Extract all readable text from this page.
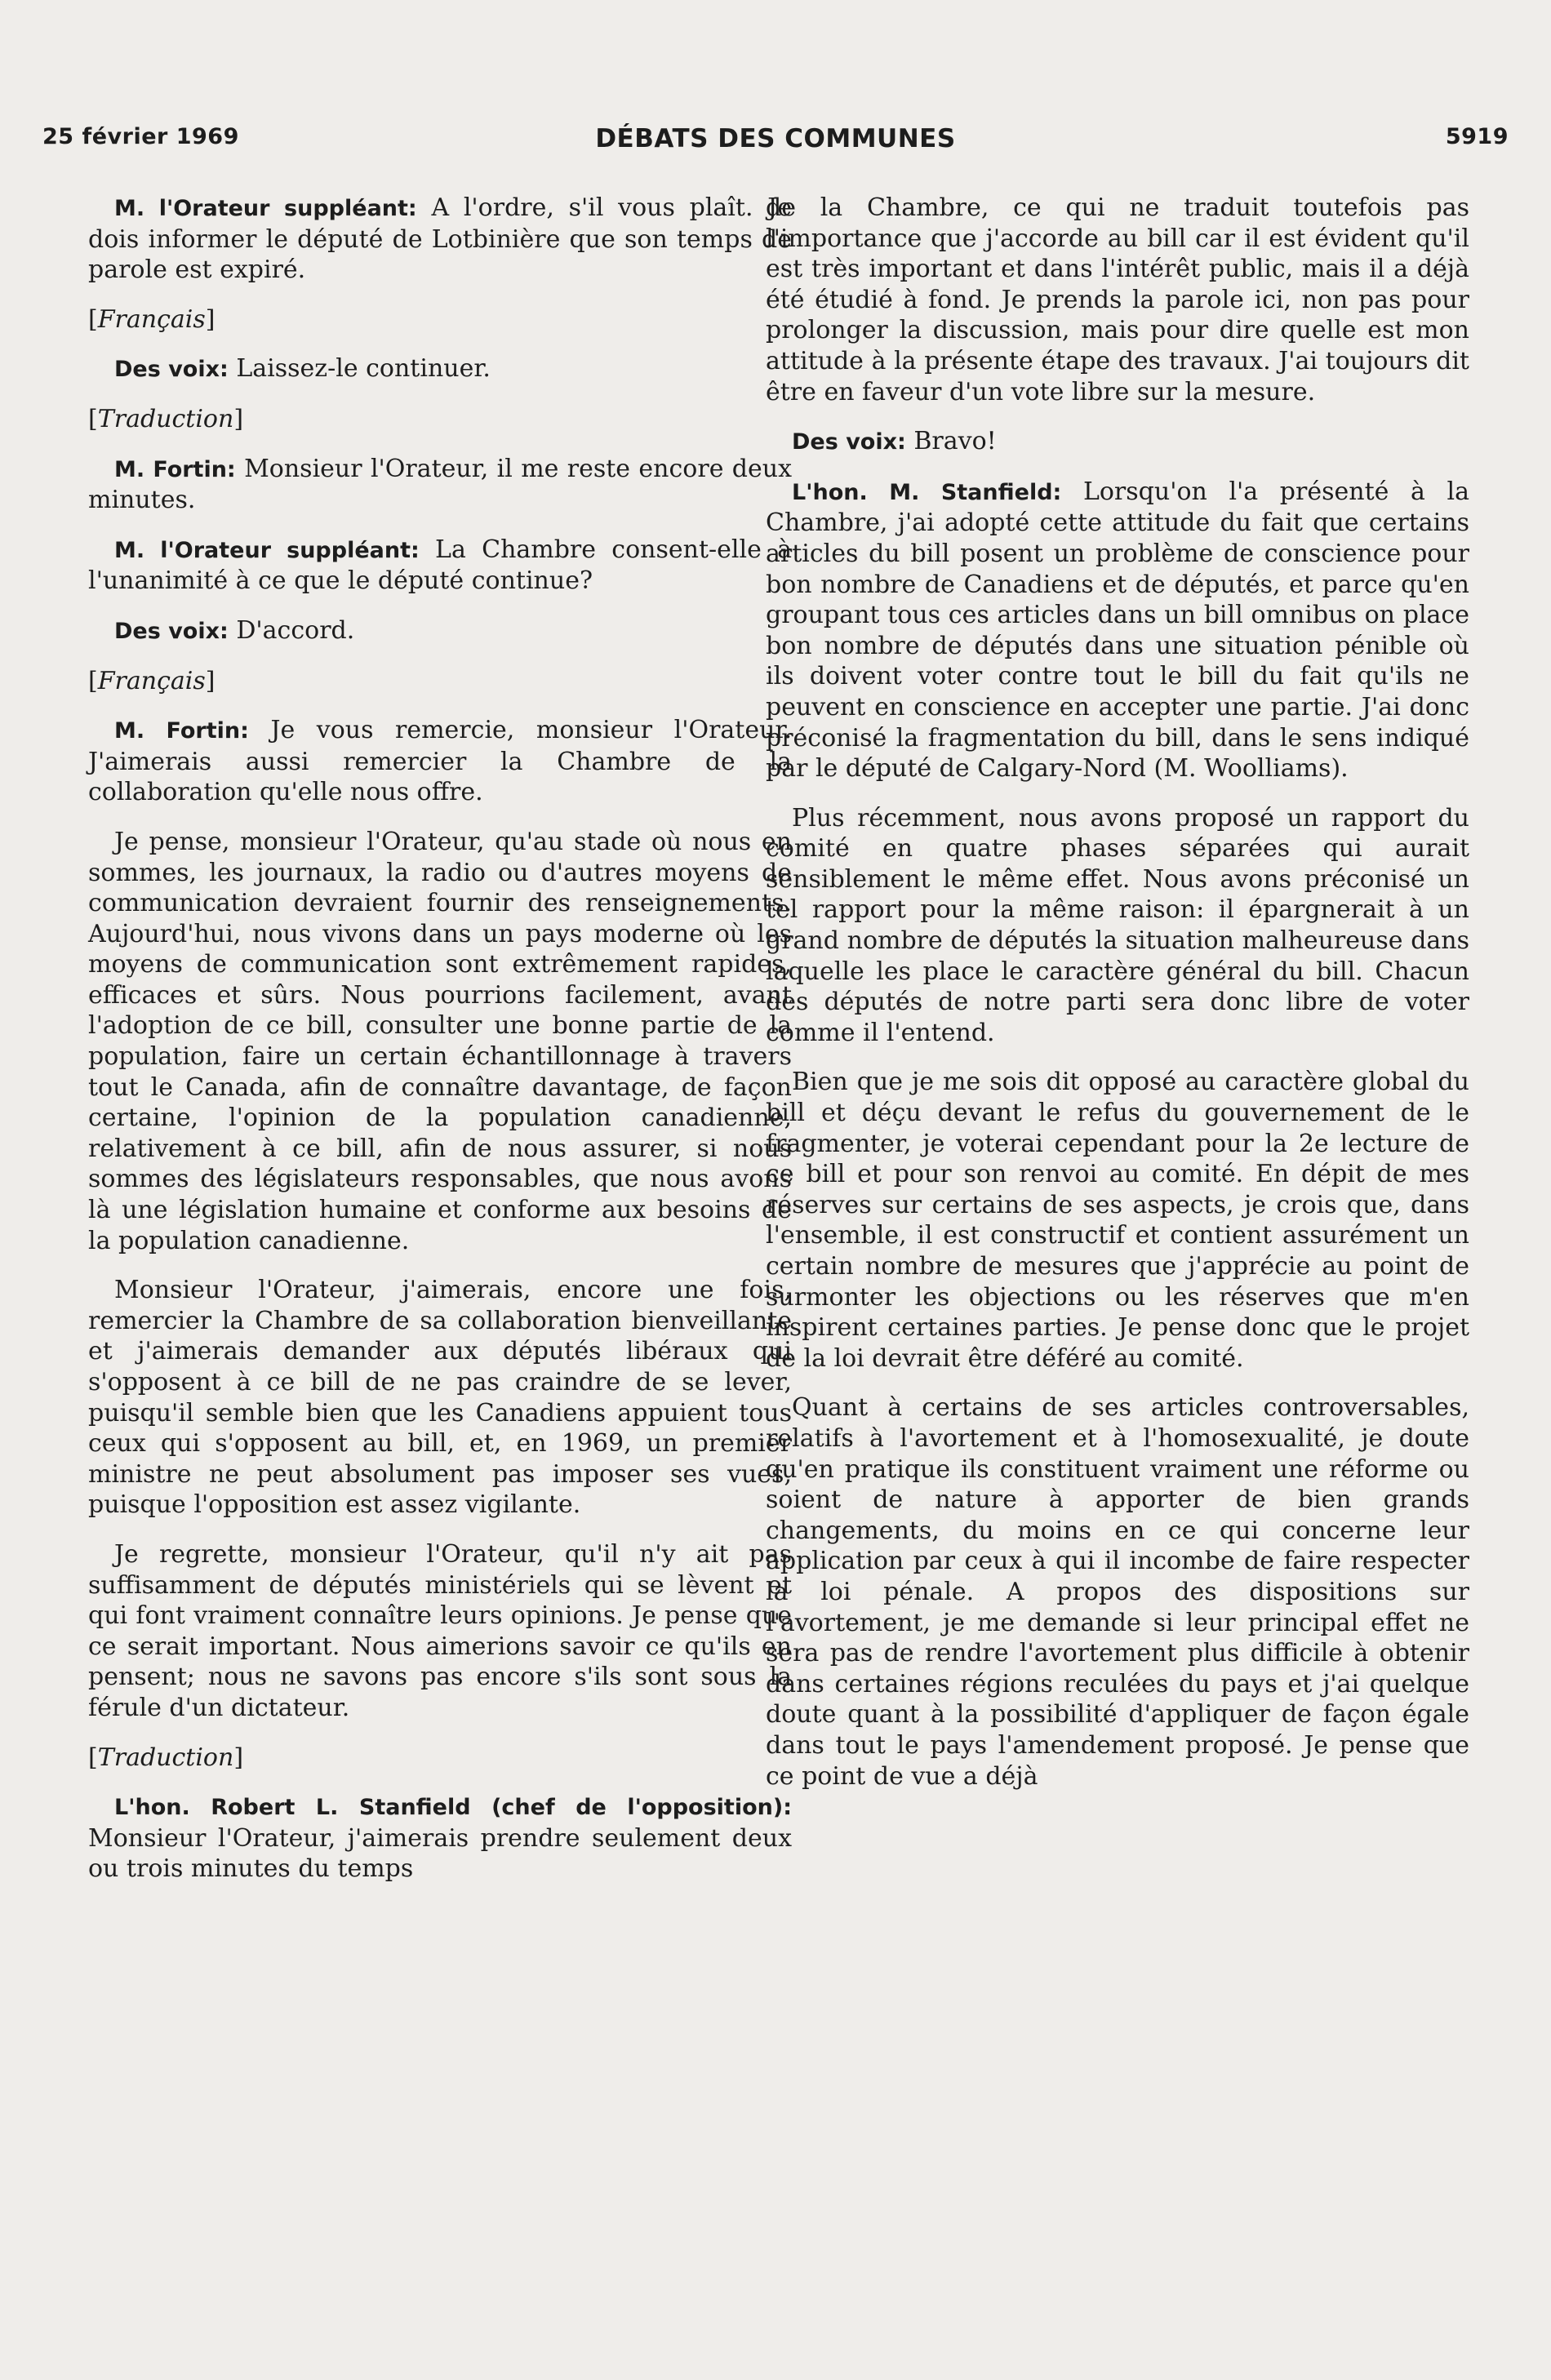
25 février 1969	DÉBATS DES COMMUNES	5919

M. l'Orateur suppléant: A l'ordre, s'il vous plaît. Je dois informer le député de Lotbinière que son temps de parole est expiré.

[Français]

Des voix: Laissez-le continuer.

[Traduction]

M. Fortin: Monsieur l'Orateur, il me reste encore deux minutes.

M. l'Orateur suppléant: La Chambre consent-elle à l'unanimité à ce que le député continue?

Des voix: D'accord.

[Français]

M. Fortin: Je vous remercie, monsieur l'Orateur. J'aimerais aussi remercier la Chambre de la collaboration qu'elle nous offre.

Je pense, monsieur l'Orateur, qu'au stade où nous en sommes, les journaux, la radio ou d'autres moyens de communication devraient fournir des renseignements. Aujourd'hui, nous vivons dans un pays moderne où les moyens de communication sont extrêmement rapides, efficaces et sûrs. Nous pourrions facilement, avant l'adoption de ce bill, consulter une bonne partie de la population, faire un certain échantillonnage à travers tout le Canada, afin de connaître davantage, de façon certaine, l'opinion de la population canadienne, relativement à ce bill, afin de nous assurer, si nous sommes des législateurs responsables, que nous avons là une législation humaine et conforme aux besoins de la population canadienne.

Monsieur l'Orateur, j'aimerais, encore une fois, remercier la Chambre de sa collaboration bienveillante et j'aimerais demander aux députés libéraux qui s'opposent à ce bill de ne pas craindre de se lever, puisqu'il semble bien que les Canadiens appuient tous ceux qui s'opposent au bill, et, en 1969, un premier ministre ne peut absolument pas imposer ses vues, puisque l'opposition est assez vigilante.

Je regrette, monsieur l'Orateur, qu'il n'y ait pas suffisamment de députés ministériels qui se lèvent et qui font vraiment connaître leurs opinions. Je pense que ce serait important. Nous aimerions savoir ce qu'ils en pensent; nous ne savons pas encore s'ils sont sous la férule d'un dictateur.

[Traduction]

L'hon. Robert L. Stanfield (chef de l'opposition): Monsieur l'Orateur, j'aimerais prendre seulement deux ou trois minutes du temps

de la Chambre, ce qui ne traduit toutefois pas l'importance que j'accorde au bill car il est évident qu'il est très important et dans l'intérêt public, mais il a déjà été étudié à fond. Je prends la parole ici, non pas pour prolonger la discussion, mais pour dire quelle est mon attitude à la présente étape des travaux. J'ai toujours dit être en faveur d'un vote libre sur la mesure.

Des voix: Bravo!

L'hon. M. Stanfield: Lorsqu'on l'a présenté à la Chambre, j'ai adopté cette attitude du fait que certains articles du bill posent un problème de conscience pour bon nombre de Canadiens et de députés, et parce qu'en groupant tous ces articles dans un bill omnibus on place bon nombre de députés dans une situation pénible où ils doivent voter contre tout le bill du fait qu'ils ne peuvent en conscience en accepter une partie. J'ai donc préconisé la fragmentation du bill, dans le sens indiqué par le député de Calgary-Nord (M. Woolliams).

Plus récemment, nous avons proposé un rapport du comité en quatre phases séparées qui aurait sensiblement le même effet. Nous avons préconisé un tel rapport pour la même raison: il épargnerait à un grand nombre de députés la situation malheureuse dans laquelle les place le caractère général du bill. Chacun des députés de notre parti sera donc libre de voter comme il l'entend.

Bien que je me sois dit opposé au caractère global du bill et déçu devant le refus du gouvernement de le fragmenter, je voterai cependant pour la 2e lecture de ce bill et pour son renvoi au comité. En dépit de mes réserves sur certains de ses aspects, je crois que, dans l'ensemble, il est constructif et contient assurément un certain nombre de mesures que j'apprécie au point de surmonter les objections ou les réserves que m'en inspirent certaines parties. Je pense donc que le projet de la loi devrait être déféré au comité.

Quant à certains de ses articles controversables, relatifs à l'avortement et à l'homosexualité, je doute qu'en pratique ils constituent vraiment une réforme ou soient de nature à apporter de bien grands changements, du moins en ce qui concerne leur application par ceux à qui il incombe de faire respecter la loi pénale. A propos des dispositions sur l'avortement, je me demande si leur principal effet ne sera pas de rendre l'avortement plus difficile à obtenir dans certaines régions reculées du pays et j'ai quelque doute quant à la possibilité d'appliquer de façon égale dans tout le pays l'amendement proposé. Je pense que ce point de vue a déjà
